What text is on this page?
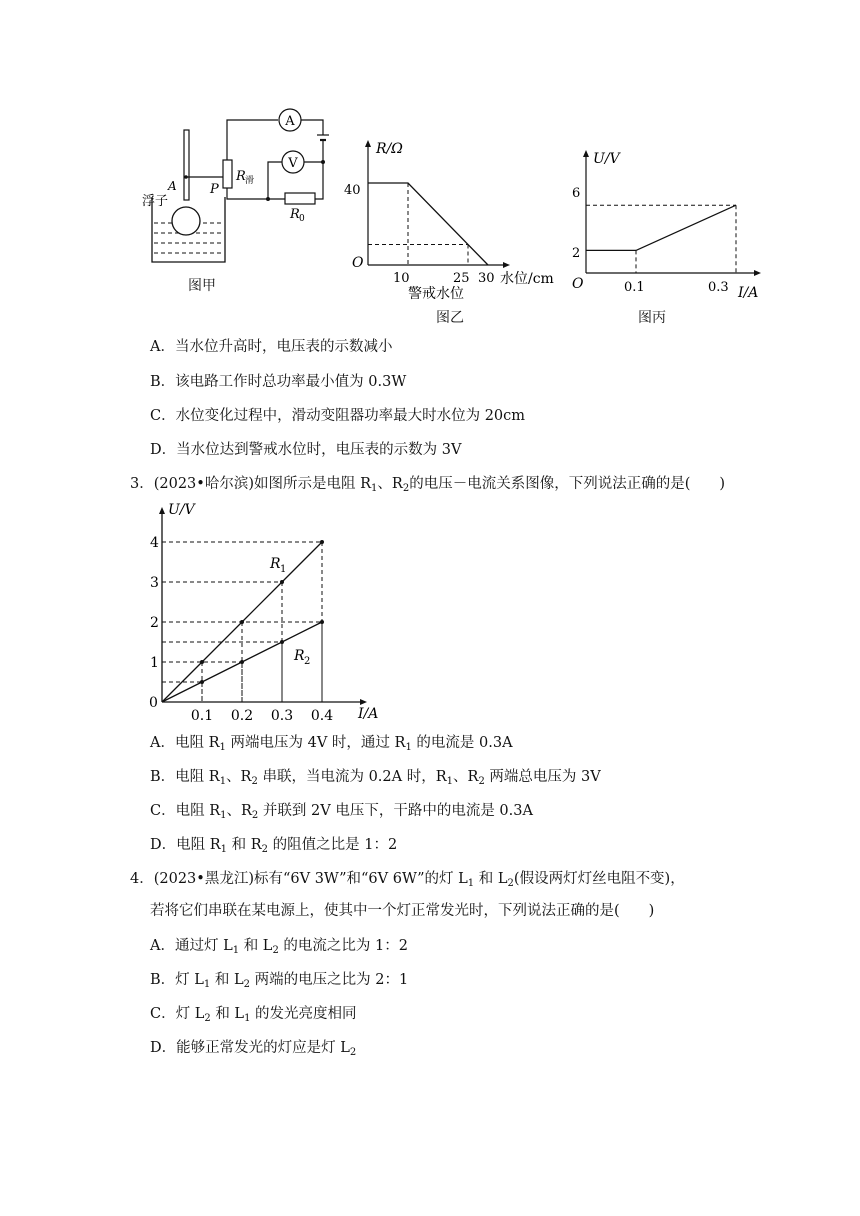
A
V
P
A
浮子
R 滑
R 0
图甲
R/Ω
水位/cm
O
40
10	25 30
警戒水位
图乙
U/V
I/A
O
6
2
0.1	0.3
图丙
A．当水位升高时，电压表的示数减小
B．该电路工作时总功率最小值为 0.3W
C．水位变化过程中，滑动变阻器功率最大时水位为 20cm
D．当水位达到警戒水位时，电压表的示数为 3V
3．(2023•哈尔滨)如图所示是电阻 $R_1$、$R_2$的电压－电流关系图像，下列说法正确的是(　　)
U/V
I/A
0
0.1 0.2 0.3 0.4
1
2
3
4
R 1
R 2
A．电阻 $R_1$ 两端电压为 4V 时，通过 $R_1$ 的电流是 0.3A
B．电阻 $R_1$、$R_2$ 串联，当电流为 0.2A 时，$R_1$、$R_2$ 两端总电压为 3V
C．电阻 $R_1$、$R_2$ 并联到 2V 电压下，干路中的电流是 0.3A
D．电阻 $R_1$ 和 $R_2$ 的阻值之比是 1：2
4．(2023•黑龙江)标有“6V 3W”和“6V 6W”的灯 $L_1$ 和 $L_2$(假设两灯灯丝电阻不变)，
若将它们串联在某电源上，使其中一个灯正常发光时，下列说法正确的是(　　)
A．通过灯 $L_1$ 和 $L_2$ 的电流之比为 1：2
B．灯 $L_1$ 和 $L_2$ 两端的电压之比为 2：1
C．灯 $L_2$ 和 $L_1$ 的发光亮度相同
D．能够正常发光的灯应是灯 $L_2$
